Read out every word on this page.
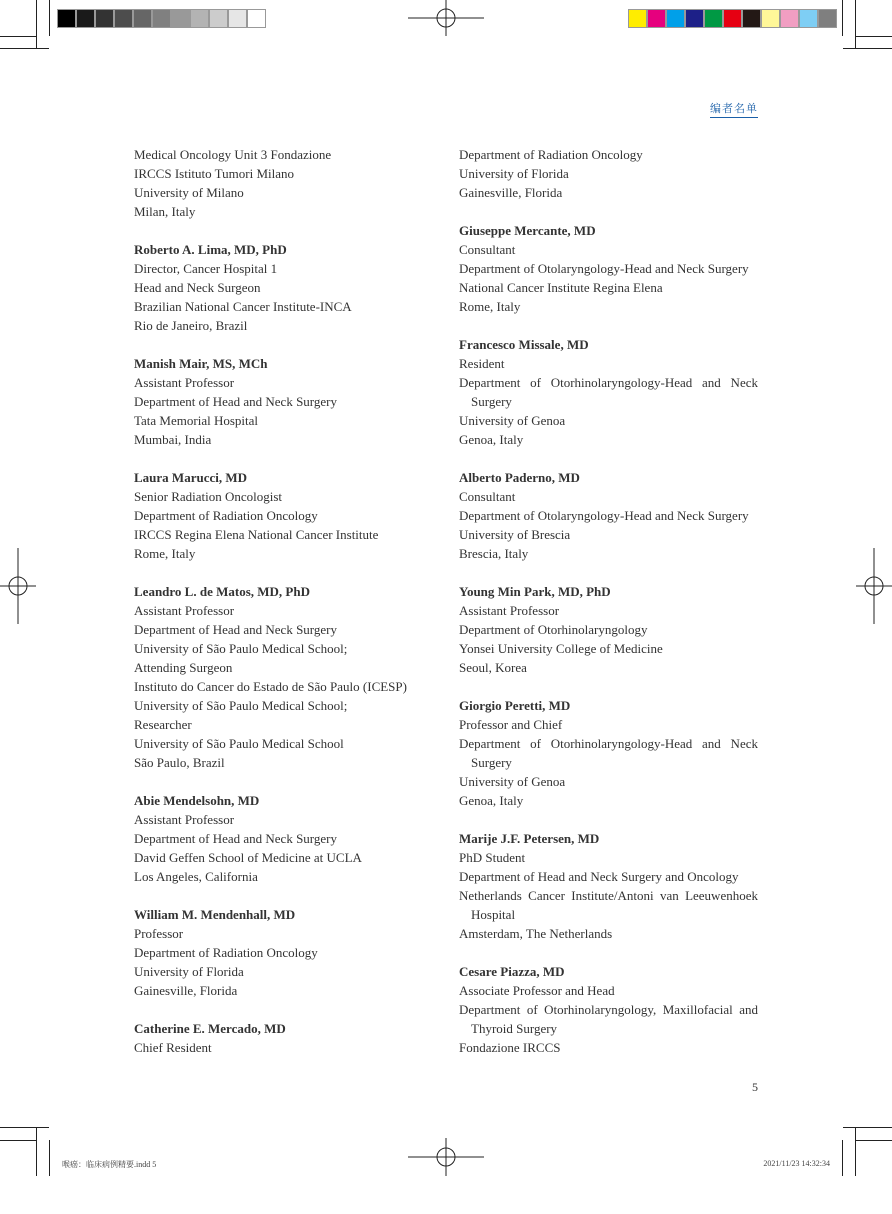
编者名单
Medical Oncology Unit 3 Fondazione
IRCCS Istituto Tumori Milano
University of Milano
Milan, Italy
Roberto A. Lima, MD, PhD
Director, Cancer Hospital 1
Head and Neck Surgeon
Brazilian National Cancer Institute-INCA
Rio de Janeiro, Brazil
Manish Mair, MS, MCh
Assistant Professor
Department of Head and Neck Surgery
Tata Memorial Hospital
Mumbai, India
Laura Marucci, MD
Senior Radiation Oncologist
Department of Radiation Oncology
IRCCS Regina Elena National Cancer Institute
Rome, Italy
Leandro L. de Matos, MD, PhD
Assistant Professor
Department of Head and Neck Surgery
University of São Paulo Medical School;
Attending Surgeon
Instituto do Cancer do Estado de São Paulo (ICESP)
University of São Paulo Medical School;
Researcher
University of São Paulo Medical School
São Paulo, Brazil
Abie Mendelsohn, MD
Assistant Professor
Department of Head and Neck Surgery
David Geffen School of Medicine at UCLA
Los Angeles, California
William M. Mendenhall, MD
Professor
Department of Radiation Oncology
University of Florida
Gainesville, Florida
Catherine E. Mercado, MD
Chief Resident
Department of Radiation Oncology
University of Florida
Gainesville, Florida
Giuseppe Mercante, MD
Consultant
Department of Otolaryngology-Head and Neck Surgery
National Cancer Institute Regina Elena
Rome, Italy
Francesco Missale, MD
Resident
Department of Otorhinolaryngology-Head and Neck Surgery
University of Genoa
Genoa, Italy
Alberto Paderno, MD
Consultant
Department of Otolaryngology-Head and Neck Surgery
University of Brescia
Brescia, Italy
Young Min Park, MD, PhD
Assistant Professor
Department of Otorhinolaryngology
Yonsei University College of Medicine
Seoul, Korea
Giorgio Peretti, MD
Professor and Chief
Department of Otorhinolaryngology-Head and Neck Surgery
University of Genoa
Genoa, Italy
Marije J.F. Petersen, MD
PhD Student
Department of Head and Neck Surgery and Oncology
Netherlands Cancer Institute/Antoni van Leeuwenhoek Hospital
Amsterdam, The Netherlands
Cesare Piazza, MD
Associate Professor and Head
Department of Otorhinolaryngology, Maxillofacial and Thyroid Surgery
Fondazione IRCCS
5
喉癌：临床病例精要.indd 5	2021/11/23 14:32:34
